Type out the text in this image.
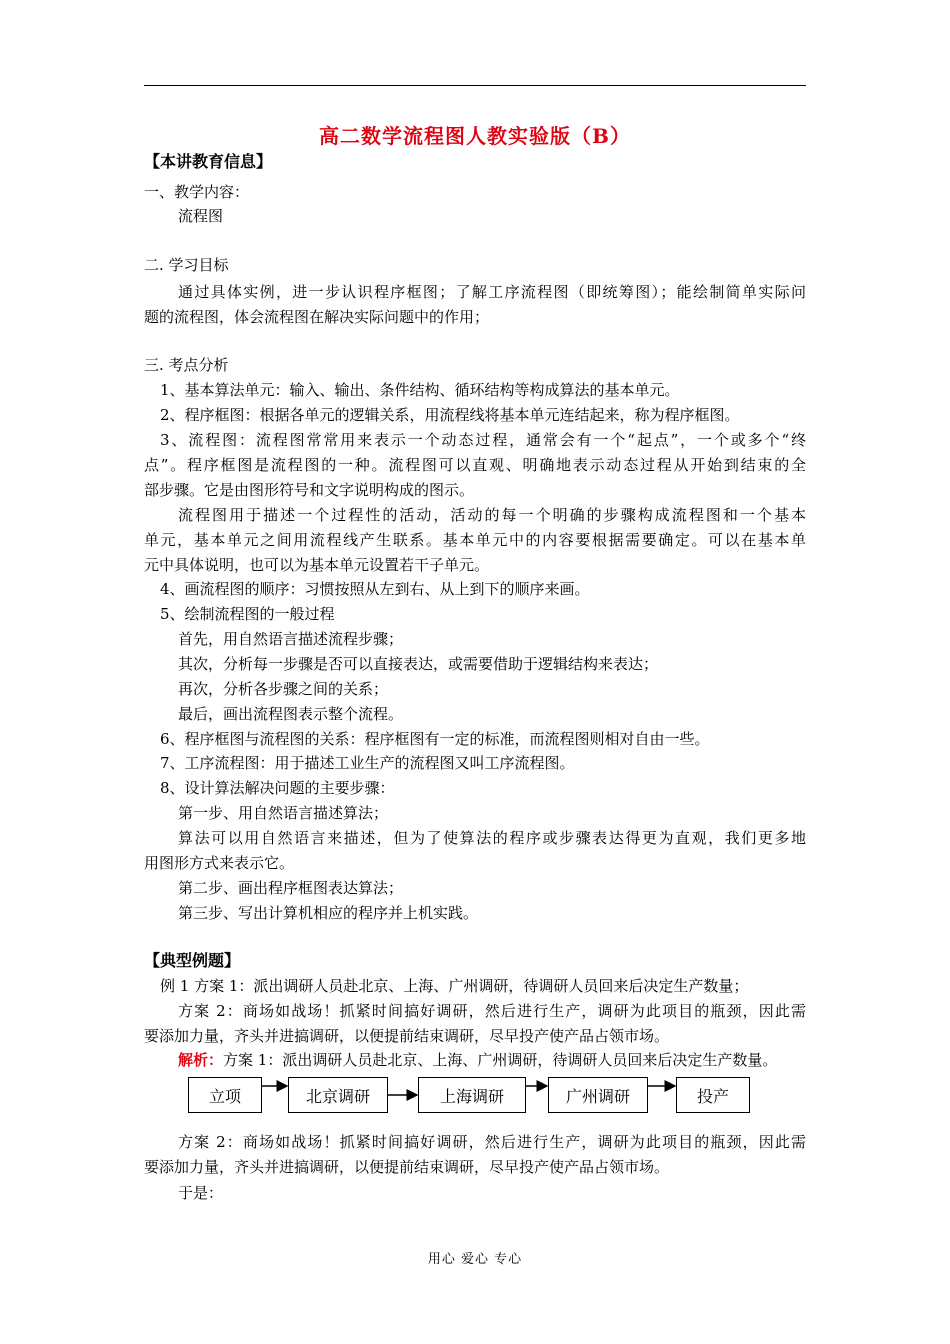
高二数学流程图人教实验版（B）
【本讲教育信息】
一、教学内容：
流程图
二. 学习目标
通过具体实例，进一步认识程序框图；了解工序流程图（即统筹图）；能绘制简单实际问
题的流程图，体会流程图在解决实际问题中的作用；
三. 考点分析
1、基本算法单元：输入、输出、条件结构、循环结构等构成算法的基本单元。
2、程序框图：根据各单元的逻辑关系，用流程线将基本单元连结起来，称为程序框图。
3、流程图：流程图常常用来表示一个动态过程，通常会有一个“起点”，一个或多个“终
点”。程序框图是流程图的一种。流程图可以直观、明确地表示动态过程从开始到结束的全
部步骤。它是由图形符号和文字说明构成的图示。
流程图用于描述一个过程性的活动，活动的每一个明确的步骤构成流程图和一个基本
单元，基本单元之间用流程线产生联系。基本单元中的内容要根据需要确定。可以在基本单
元中具体说明，也可以为基本单元设置若干子单元。
4、画流程图的顺序：习惯按照从左到右、从上到下的顺序来画。
5、绘制流程图的一般过程
首先，用自然语言描述流程步骤；
其次，分析每一步骤是否可以直接表达，或需要借助于逻辑结构来表达；
再次，分析各步骤之间的关系；
最后，画出流程图表示整个流程。
6、程序框图与流程图的关系：程序框图有一定的标准，而流程图则相对自由一些。
7、工序流程图：用于描述工业生产的流程图又叫工序流程图。
8、设计算法解决问题的主要步骤：
第一步、用自然语言描述算法；
算法可以用自然语言来描述，但为了使算法的程序或步骤表达得更为直观，我们更多地
用图形方式来表示它。
第二步、画出程序框图表达算法；
第三步、写出计算机相应的程序并上机实践。
【典型例题】
例 1 方案 1：派出调研人员赴北京、上海、广州调研，待调研人员回来后决定生产数量；
方案 2：商场如战场！抓紧时间搞好调研，然后进行生产，调研为此项目的瓶颈，因此需
要添加力量，齐头并进搞调研，以便提前结束调研，尽早投产使产品占领市场。
解析：方案 1：派出调研人员赴北京、上海、广州调研，待调研人员回来后决定生产数量。
立项	北京调研	上海调研	广州调研	投产
方案 2：商场如战场！抓紧时间搞好调研，然后进行生产，调研为此项目的瓶颈，因此需
要添加力量，齐头并进搞调研，以便提前结束调研，尽早投产使产品占领市场。
于是：
用心 爱心 专心
